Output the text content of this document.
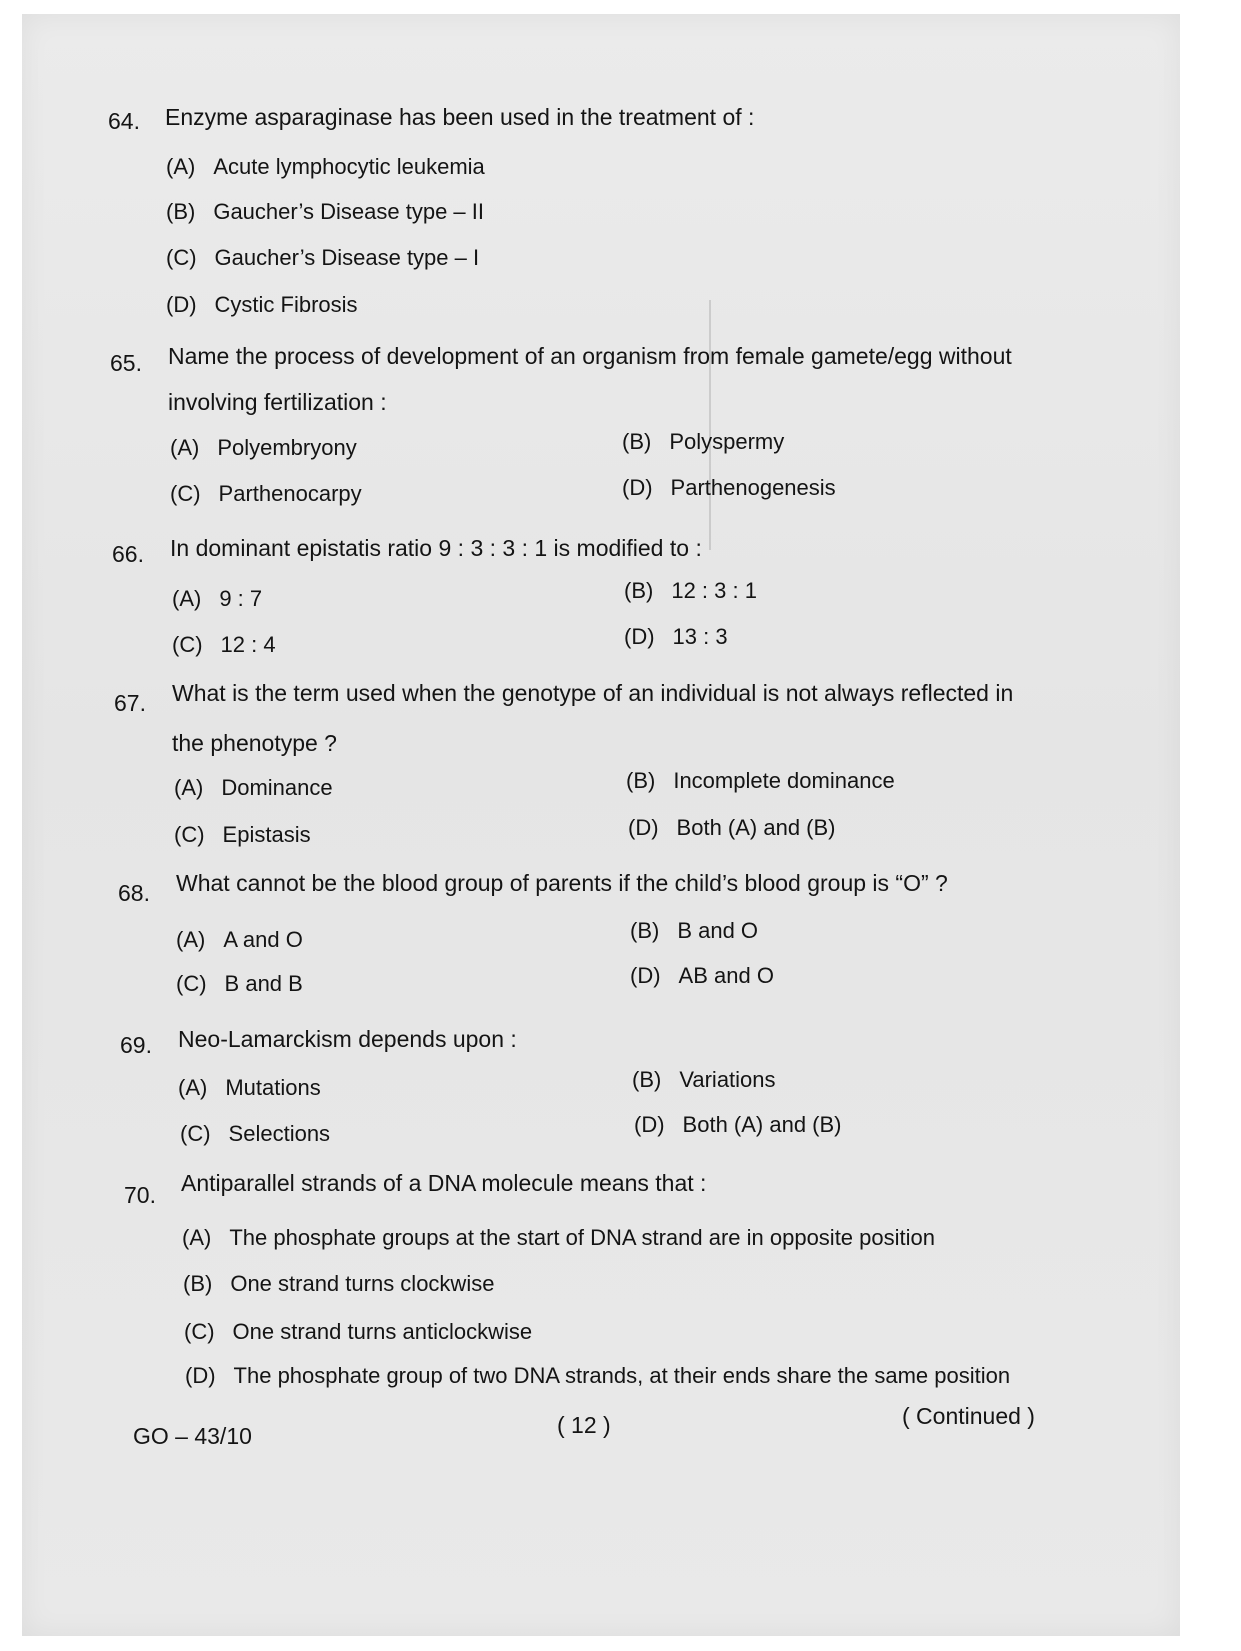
64. Enzyme asparaginase has been used in the treatment of :
(A) Acute lymphocytic leukemia
(B) Gaucher’s Disease type – II
(C) Gaucher’s Disease type – I
(D) Cystic Fibrosis
65. Name the process of development of an organism from female gamete/egg without
involving fertilization :
(A) Polyembryony	(B) Polyspermy
(C) Parthenocarpy	(D) Parthenogenesis
66. In dominant epistatis ratio 9 : 3 : 3 : 1 is modified to :
(A) 9 : 7	(B) 12 : 3 : 1
(C) 12 : 4	(D) 13 : 3
67. What is the term used when the genotype of an individual is not always reflected in
the phenotype ?
(A) Dominance	(B) Incomplete dominance
(C) Epistasis	(D) Both (A) and (B)
68. What cannot be the blood group of parents if the child’s blood group is “O” ?
(A) A and O	(B) B and O
(C) B and B	(D) AB and O
69. Neo-Lamarckism depends upon :
(A) Mutations	(B) Variations
(C) Selections	(D) Both (A) and (B)
70. Antiparallel strands of a DNA molecule means that :
(A) The phosphate groups at the start of DNA strand are in opposite position
(B) One strand turns clockwise
(C) One strand turns anticlockwise
(D) The phosphate group of two DNA strands, at their ends share the same position
GO – 43/10	( 12 )	( Continued )
